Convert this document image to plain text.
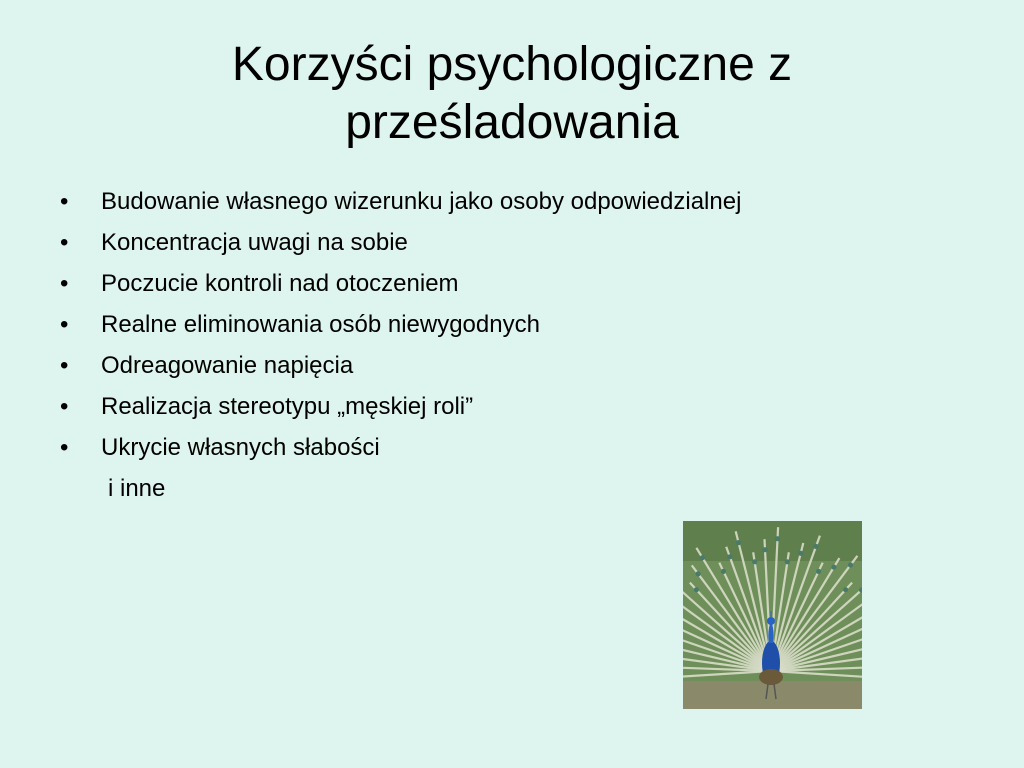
Korzyści psychologiczne z prześladowania
• Budowanie własnego wizerunku jako osoby odpowiedzialnej
• Koncentracja uwagi na sobie
• Poczucie kontroli nad otoczeniem
• Realne eliminowania osób niewygodnych
• Odreagowanie napięcia
• Realizacja stereotypu „męskiej roli”
• Ukrycie własnych słabości
i inne
